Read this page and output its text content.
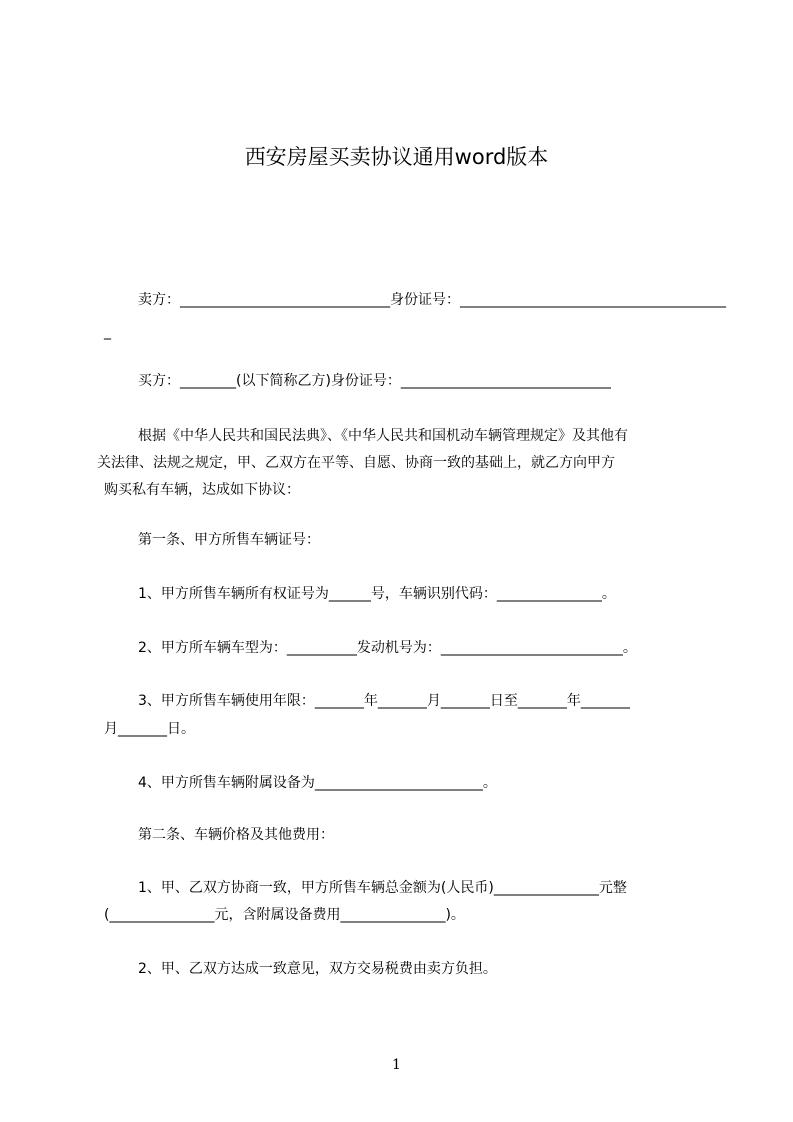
西安房屋买卖协议通用word版本
卖方：______________________________身份证号：______________________________________
_
买方：________(以下简称乙方)身份证号：______________________________
根据《中华人民共和国民法典》、《中华人民共和国机动车辆管理规定》及其他有
关法律、法规之规定，甲、乙双方在平等、自愿、协商一致的基础上，就乙方向甲方
购买私有车辆，达成如下协议：
第一条、甲方所售车辆证号：
1、甲方所售车辆所有权证号为______号，车辆识别代码：_______________。
2、甲方所车辆车型为：__________发动机号为：__________________________。
3、甲方所售车辆使用年限：_______年_______月_______日至_______年_______
月_______日。
4、甲方所售车辆附属设备为________________________。
第二条、车辆价格及其他费用：
1、甲、乙双方协商一致，甲方所售车辆总金额为(人民币)_______________元整
(_______________元，含附属设备费用_______________)。
2、甲、乙双方达成一致意见，双方交易税费由卖方负担。
1
